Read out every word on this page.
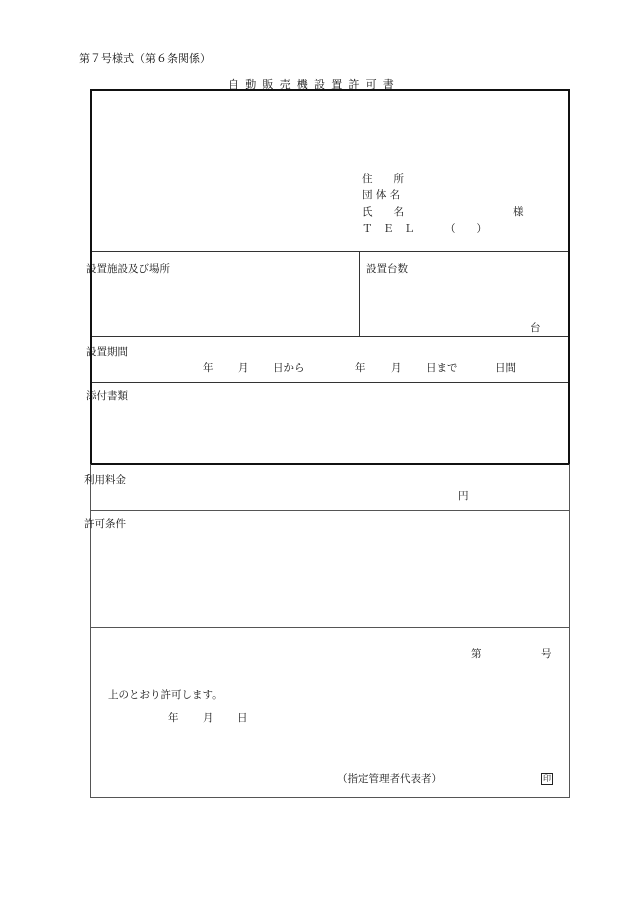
第７号様式（第６条関係）
自動販売機設置許可書
住　　所
団 体 名
氏　　名	様
Ｔ　Ｅ　Ｌ	（　　）
設置施設及び場所	設置台数
台
設置期間
年 月 日から	年 月 日まで	日間
添付書類
利用料金
円
許可条件
第	号
上のとおり許可します。
年 月 日
（指定管理者代表者）	印
